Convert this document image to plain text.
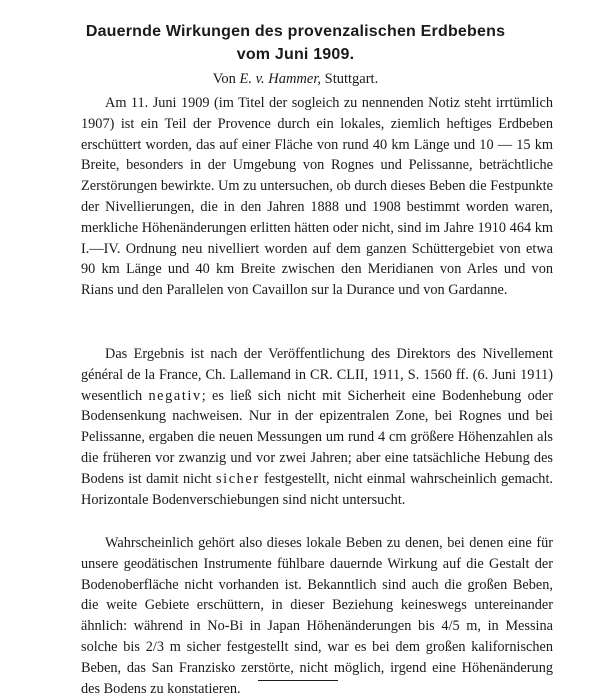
Dauernde Wirkungen des provenzalischen Erdbebens
vom Juni 1909.
Von E. v. Hammer, Stuttgart.

Am 11. Juni 1909 (im Titel der sogleich zu nennenden Notiz steht irrtümlich 1907) ist ein Teil der Provence durch ein lokales, ziemlich heftiges Erdbeben erschüttert worden, das auf einer Fläche von rund 40 km Länge und 10 — 15 km Breite, besonders in der Umgebung von Rognes und Pelissanne, beträchtliche Zerstörungen bewirkte. Um zu untersuchen, ob durch dieses Beben die Festpunkte der Nivellierungen, die in den Jahren 1888 und 1908 bestimmt worden waren, merkliche Höhenänderungen erlitten hätten oder nicht, sind im Jahre 1910 464 km I.—IV. Ordnung neu nivelliert worden auf dem ganzen Schüttergebiet von etwa 90 km Länge und 40 km Breite zwischen den Meridianen von Arles und von Rians und den Parallelen von Cavaillon sur la Durance und von Gardanne.

Das Ergebnis ist nach der Veröffentlichung des Direktors des Nivellement général de la France, Ch. Lallemand in CR. CLII, 1911, S. 1560 ff. (6. Juni 1911) wesentlich negativ; es ließ sich nicht mit Sicherheit eine Bodenhebung oder Bodensenkung nachweisen. Nur in der epizentralen Zone, bei Rognes und bei Pelissanne, ergaben die neuen Messungen um rund 4 cm größere Höhenzahlen als die früheren vor zwanzig und vor zwei Jahren; aber eine tatsächliche Hebung des Bodens ist damit nicht sicher festgestellt, nicht einmal wahrscheinlich gemacht. Horizontale Bodenverschiebungen sind nicht untersucht.

Wahrscheinlich gehört also dieses lokale Beben zu denen, bei denen eine für unsere geodätischen Instrumente fühlbare dauernde Wirkung auf die Gestalt der Bodenoberfläche nicht vorhanden ist. Bekanntlich sind auch die großen Beben, die weite Gebiete erschüttern, in dieser Beziehung keineswegs untereinander ähnlich: während in No-Bi in Japan Höhenänderungen bis 4/5 m, in Messina solche bis 2/3 m sicher festgestellt sind, war es bei dem großen kalifornischen Beben, das San Franzisko zerstörte, nicht möglich, irgend eine Höhenänderung des Bodens zu konstatieren.
